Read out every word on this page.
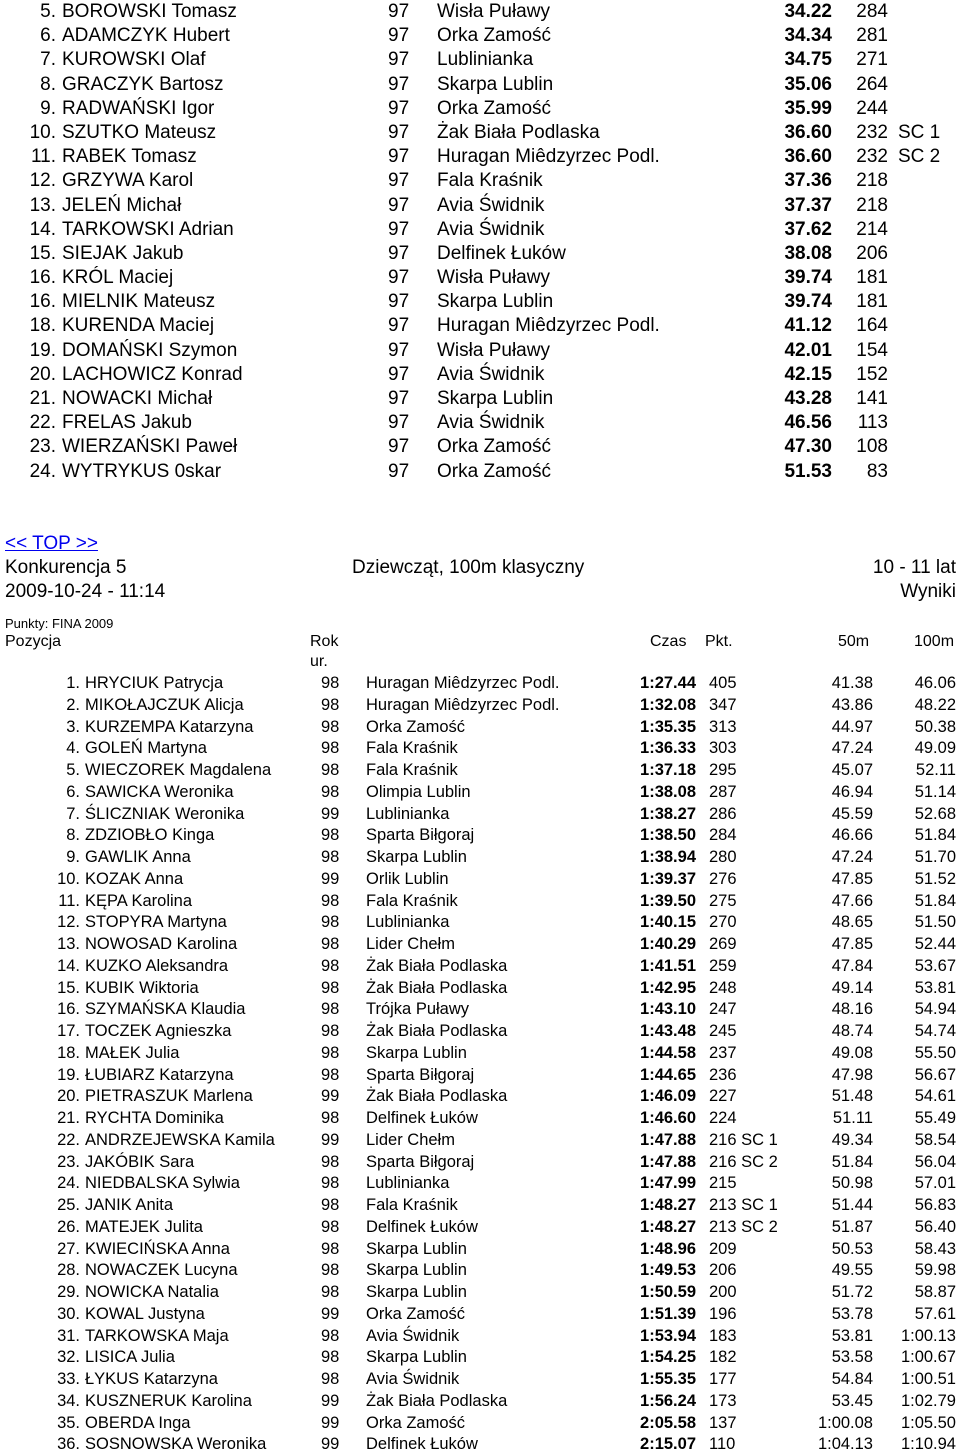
5. BOROWSKI Tomasz	97 Wisła Puławy	34.22	284
6. ADAMCZYK Hubert	97 Orka Zamość	34.34	281
7. KUROWSKI Olaf	97 Lublinianka	34.75	271
8. GRACZYK Bartosz	97 Skarpa Lublin	35.06	264
9. RADWAŃSKI Igor	97 Orka Zamość	35.99	244
10. SZUTKO Mateusz	97 Żak Biała Podlaska	36.60	232 SC 1
11. RABEK Tomasz	97 Huragan Miêdzyrzec Podl.	36.60	232 SC 2
12. GRZYWA Karol	97 Fala Kraśnik	37.36	218
13. JELEŃ Michał	97 Avia Świdnik	37.37	218
14. TARKOWSKI Adrian	97 Avia Świdnik	37.62	214
15. SIEJAK Jakub	97 Delfinek Łuków	38.08	206
16. KRÓL Maciej	97 Wisła Puławy	39.74	181
16. MIELNIK Mateusz	97 Skarpa Lublin	39.74	181
18. KURENDA Maciej	97 Huragan Miêdzyrzec Podl.	41.12	164
19. DOMAŃSKI Szymon	97 Wisła Puławy	42.01	154
20. LACHOWICZ Konrad	97 Avia Świdnik	42.15	152
21. NOWACKI Michał	97 Skarpa Lublin	43.28	141
22. FRELAS Jakub	97 Avia Świdnik	46.56	113
23. WIERZAŃSKI Paweł	97 Orka Zamość	47.30	108
24. WYTRYKUS 0skar	97 Orka Zamość	51.53	83
<< TOP >>
Konkurencja 5	Dziewcząt, 100m klasyczny	10 - 11 lat
2009-10-24 - 11:14	Wyniki
Punkty: FINA 2009
Pozycja	Rok
ur.
Czas Pkt.	50m	100m
1. HRYCIUK Patrycja	98 Huragan Miêdzyrzec Podl.	1:27.44 405	41.38	46.06
2. MIKOŁAJCZUK Alicja	98 Huragan Miêdzyrzec Podl.	1:32.08 347	43.86	48.22
3. KURZEMPA Katarzyna	98 Orka Zamość	1:35.35 313	44.97	50.38
4. GOLEŃ Martyna	98 Fala Kraśnik	1:36.33 303	47.24	49.09
5. WIECZOREK Magdalena	98 Fala Kraśnik	1:37.18 295	45.07	52.11
6. SAWICKA Weronika	98 Olimpia Lublin	1:38.08 287	46.94	51.14
7. ŚLICZNIAK Weronika	99 Lublinianka	1:38.27 286	45.59	52.68
8. ZDZIOBŁO Kinga	98 Sparta Biłgoraj	1:38.50 284	46.66	51.84
9. GAWLIK Anna	98 Skarpa Lublin	1:38.94 280	47.24	51.70
10. KOZAK Anna	99 Orlik Lublin	1:39.37 276	47.85	51.52
11. KĘPA Karolina	98 Fala Kraśnik	1:39.50 275	47.66	51.84
12. STOPYRA Martyna	98 Lublinianka	1:40.15 270	48.65	51.50
13. NOWOSAD Karolina	98 Lider Chełm	1:40.29 269	47.85	52.44
14. KUZKO Aleksandra	98 Żak Biała Podlaska	1:41.51 259	47.84	53.67
15. KUBIK Wiktoria	98 Żak Biała Podlaska	1:42.95 248	49.14	53.81
16. SZYMAŃSKA Klaudia	98 Trójka Puławy	1:43.10 247	48.16	54.94
17. TOCZEK Agnieszka	98 Żak Biała Podlaska	1:43.48 245	48.74	54.74
18. MAŁEK Julia	98 Skarpa Lublin	1:44.58 237	49.08	55.50
19. ŁUBIARZ Katarzyna	98 Sparta Biłgoraj	1:44.65 236	47.98	56.67
20. PIETRASZUK Marlena	99 Żak Biała Podlaska	1:46.09 227	51.48	54.61
21. RYCHTA Dominika	98 Delfinek Łuków	1:46.60 224	51.11	55.49
22. ANDRZEJEWSKA Kamila	99 Lider Chełm	1:47.88 216 SC 1	49.34	58.54
23. JAKÓBIK Sara	98 Sparta Biłgoraj	1:47.88 216 SC 2	51.84	56.04
24. NIEDBALSKA Sylwia	98 Lublinianka	1:47.99 215	50.98	57.01
25. JANIK Anita	98 Fala Kraśnik	1:48.27 213 SC 1	51.44	56.83
26. MATEJEK Julita	98 Delfinek Łuków	1:48.27 213 SC 2	51.87	56.40
27. KWIECIŃSKA Anna	98 Skarpa Lublin	1:48.96 209	50.53	58.43
28. NOWACZEK Lucyna	98 Skarpa Lublin	1:49.53 206	49.55	59.98
29. NOWICKA Natalia	98 Skarpa Lublin	1:50.59 200	51.72	58.87
30. KOWAL Justyna	99 Orka Zamość	1:51.39 196	53.78	57.61
31. TARKOWSKA Maja	98 Avia Świdnik	1:53.94 183	53.81	1:00.13
32. LISICA Julia	98 Skarpa Lublin	1:54.25 182	53.58	1:00.67
33. ŁYKUS Katarzyna	98 Avia Świdnik	1:55.35 177	54.84	1:00.51
34. KUSZNERUK Karolina	99 Żak Biała Podlaska	1:56.24 173	53.45	1:02.79
35. OBERDA Inga	99 Orka Zamość	2:05.58 137	1:00.08	1:05.50
36. SOSNOWSKA Weronika	99 Delfinek Łuków	2:15.07 110	1:04.13	1:10.94
